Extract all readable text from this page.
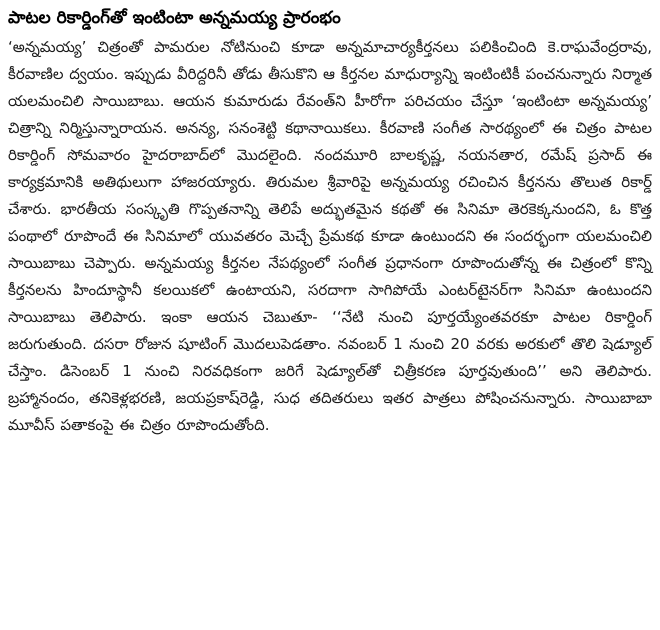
పాటల రికార్డింగ్‌తో ఇంటింటా అన్నమయ్య ప్రారంభం

‘అన్నమయ్య’ చిత్రంతో పామరుల నోటినుంచి కూడా అన్నమాచార్యకీర్తనలు పలికించింది కె.రాఘవేంద్రరావు, కీరవాణిల ద్వయం. ఇప్పుడు వీరిద్దరినీ తోడు తీసుకొని ఆ కీర్తనల మాధుర్యాన్ని ఇంటింటికీ పంచనున్నారు నిర్మాత యలమంచిలి సాయిబాబు. ఆయన కుమారుడు రేవంత్‌ని హీరోగా పరిచయం చేస్తూ ‘ఇంటింటా అన్నమయ్య’ చిత్రాన్ని నిర్మిస్తున్నారాయన. అనన్య, సనంశెట్టి కథానాయికలు. కీరవాణి సంగీత సారథ్యంలో ఈ చిత్రం పాటల రికార్డింగ్ సోమవారం హైదరాబాద్‌లో మొదలైంది. నందమూరి బాలకృష్ణ, నయనతార, రమేష్ ప్రసాద్ ఈ కార్యక్రమానికి అతిథులుగా హాజరయ్యారు. తిరుమల శ్రీవారిపై అన్నమయ్య రచించిన కీర్తనను తొలుత రికార్డ్ చేశారు. భారతీయ సంస్కృతి గొప్పతనాన్ని తెలిపే అద్భుతమైన కథతో ఈ సినిమా తెరకెక్కనుందని, ఓ కొత్త పంథాలో రూపొందే ఈ సినిమాలో యువతరం మెచ్చే ప్రేమకథ కూడా ఉంటుందని ఈ సందర్భంగా యలమంచిలి సాయిబాబు చెప్పారు. అన్నమయ్య కీర్తనల నేపథ్యంలో సంగీత ప్రధానంగా రూపొందుతోన్న ఈ చిత్రంలో కొన్ని కీర్తనలను హిందూస్థానీ కలయికలో ఉంటాయని, సరదాగా సాగిపోయే ఎంటర్‌టైనర్‌గా సినిమా ఉంటుందని సాయిబాబు తెలిపారు. ఇంకా ఆయన చెబుతూ- ‘‘నేటి నుంచి పూర్తయ్యేంతవరకూ పాటల రికార్డింగ్ జరుగుతుంది. దసరా రోజున షూటింగ్ మొదలుపెడతాం. నవంబర్ 1 నుంచి 20 వరకు అరకులో తొలి షెడ్యూల్ చేస్తాం. డిసెంబర్ 1 నుంచి నిరవధికంగా జరిగే షెడ్యూల్‌తో చిత్రీకరణ పూర్తవుతుంది’’ అని తెలిపారు. బ్రహ్మానందం, తనికెళ్లభరణి, జయప్రకాష్‌రెడ్డి, సుధ తదితరులు ఇతర పాత్రలు పోషించనున్నారు. సాయిబాబా మూవీస్ పతాకంపై ఈ చిత్రం రూపొందుతోంది.
